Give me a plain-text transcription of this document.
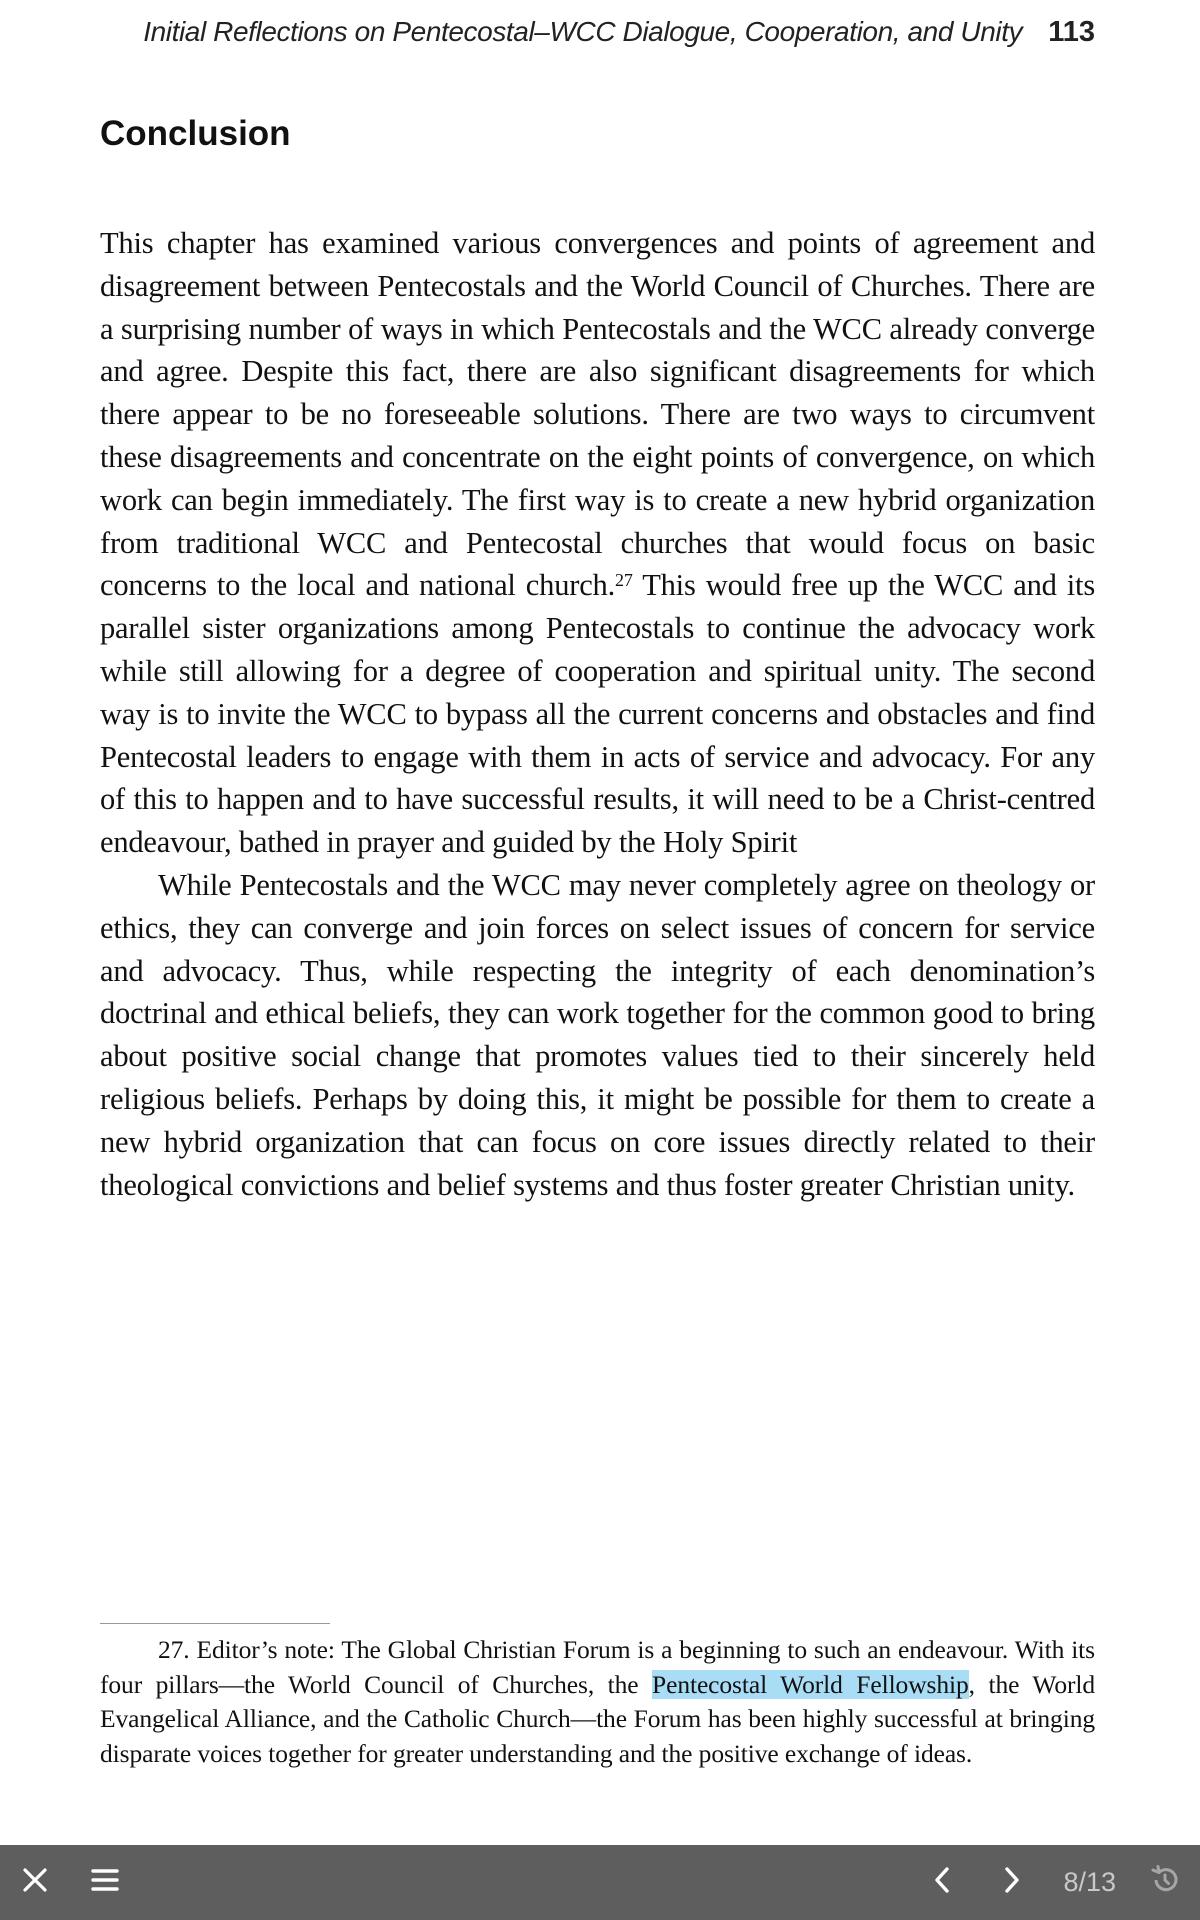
Initial Reflections on Pentecostal–WCC Dialogue, Cooperation, and Unity 113
Conclusion

This chapter has examined various convergences and points of agreement and disagreement between Pentecostals and the World Council of Churches. There are a surprising number of ways in which Pentecostals and the WCC already converge and agree. Despite this fact, there are also significant disagreements for which there appear to be no foreseeable solutions. There are two ways to circumvent these disagreements and concentrate on the eight points of convergence, on which work can begin immediately. The first way is to create a new hybrid organization from traditional WCC and Pentecostal churches that would focus on basic concerns to the local and national church.$^{27}$ This would free up the WCC and its parallel sister organizations among Pentecostals to continue the advocacy work while still allowing for a degree of cooperation and spiritual unity. The second way is to invite the WCC to bypass all the current concerns and obstacles and find Pentecostal leaders to engage with them in acts of service and advocacy. For any of this to happen and to have successful results, it will need to be a Christ-centred endeavour, bathed in prayer and guided by the Holy Spirit

While Pentecostals and the WCC may never completely agree on theology or ethics, they can converge and join forces on select issues of concern for service and advocacy. Thus, while respecting the integrity of each denomination’s doctrinal and ethical beliefs, they can work together for the common good to bring about positive social change that promotes values tied to their sincerely held religious beliefs. Perhaps by doing this, it might be possible for them to create a new hybrid organization that can focus on core issues directly related to their theological convictions and belief systems and thus foster greater Christian unity.

27. Editor’s note: The Global Christian Forum is a beginning to such an endeavour. With its four pillars—the World Council of Churches, the Pentecostal World Fellowship, the World Evangelical Alliance, and the Catholic Church—the Forum has been highly successful at bringing disparate voices together for greater understanding and the positive exchange of ideas.
8/13
